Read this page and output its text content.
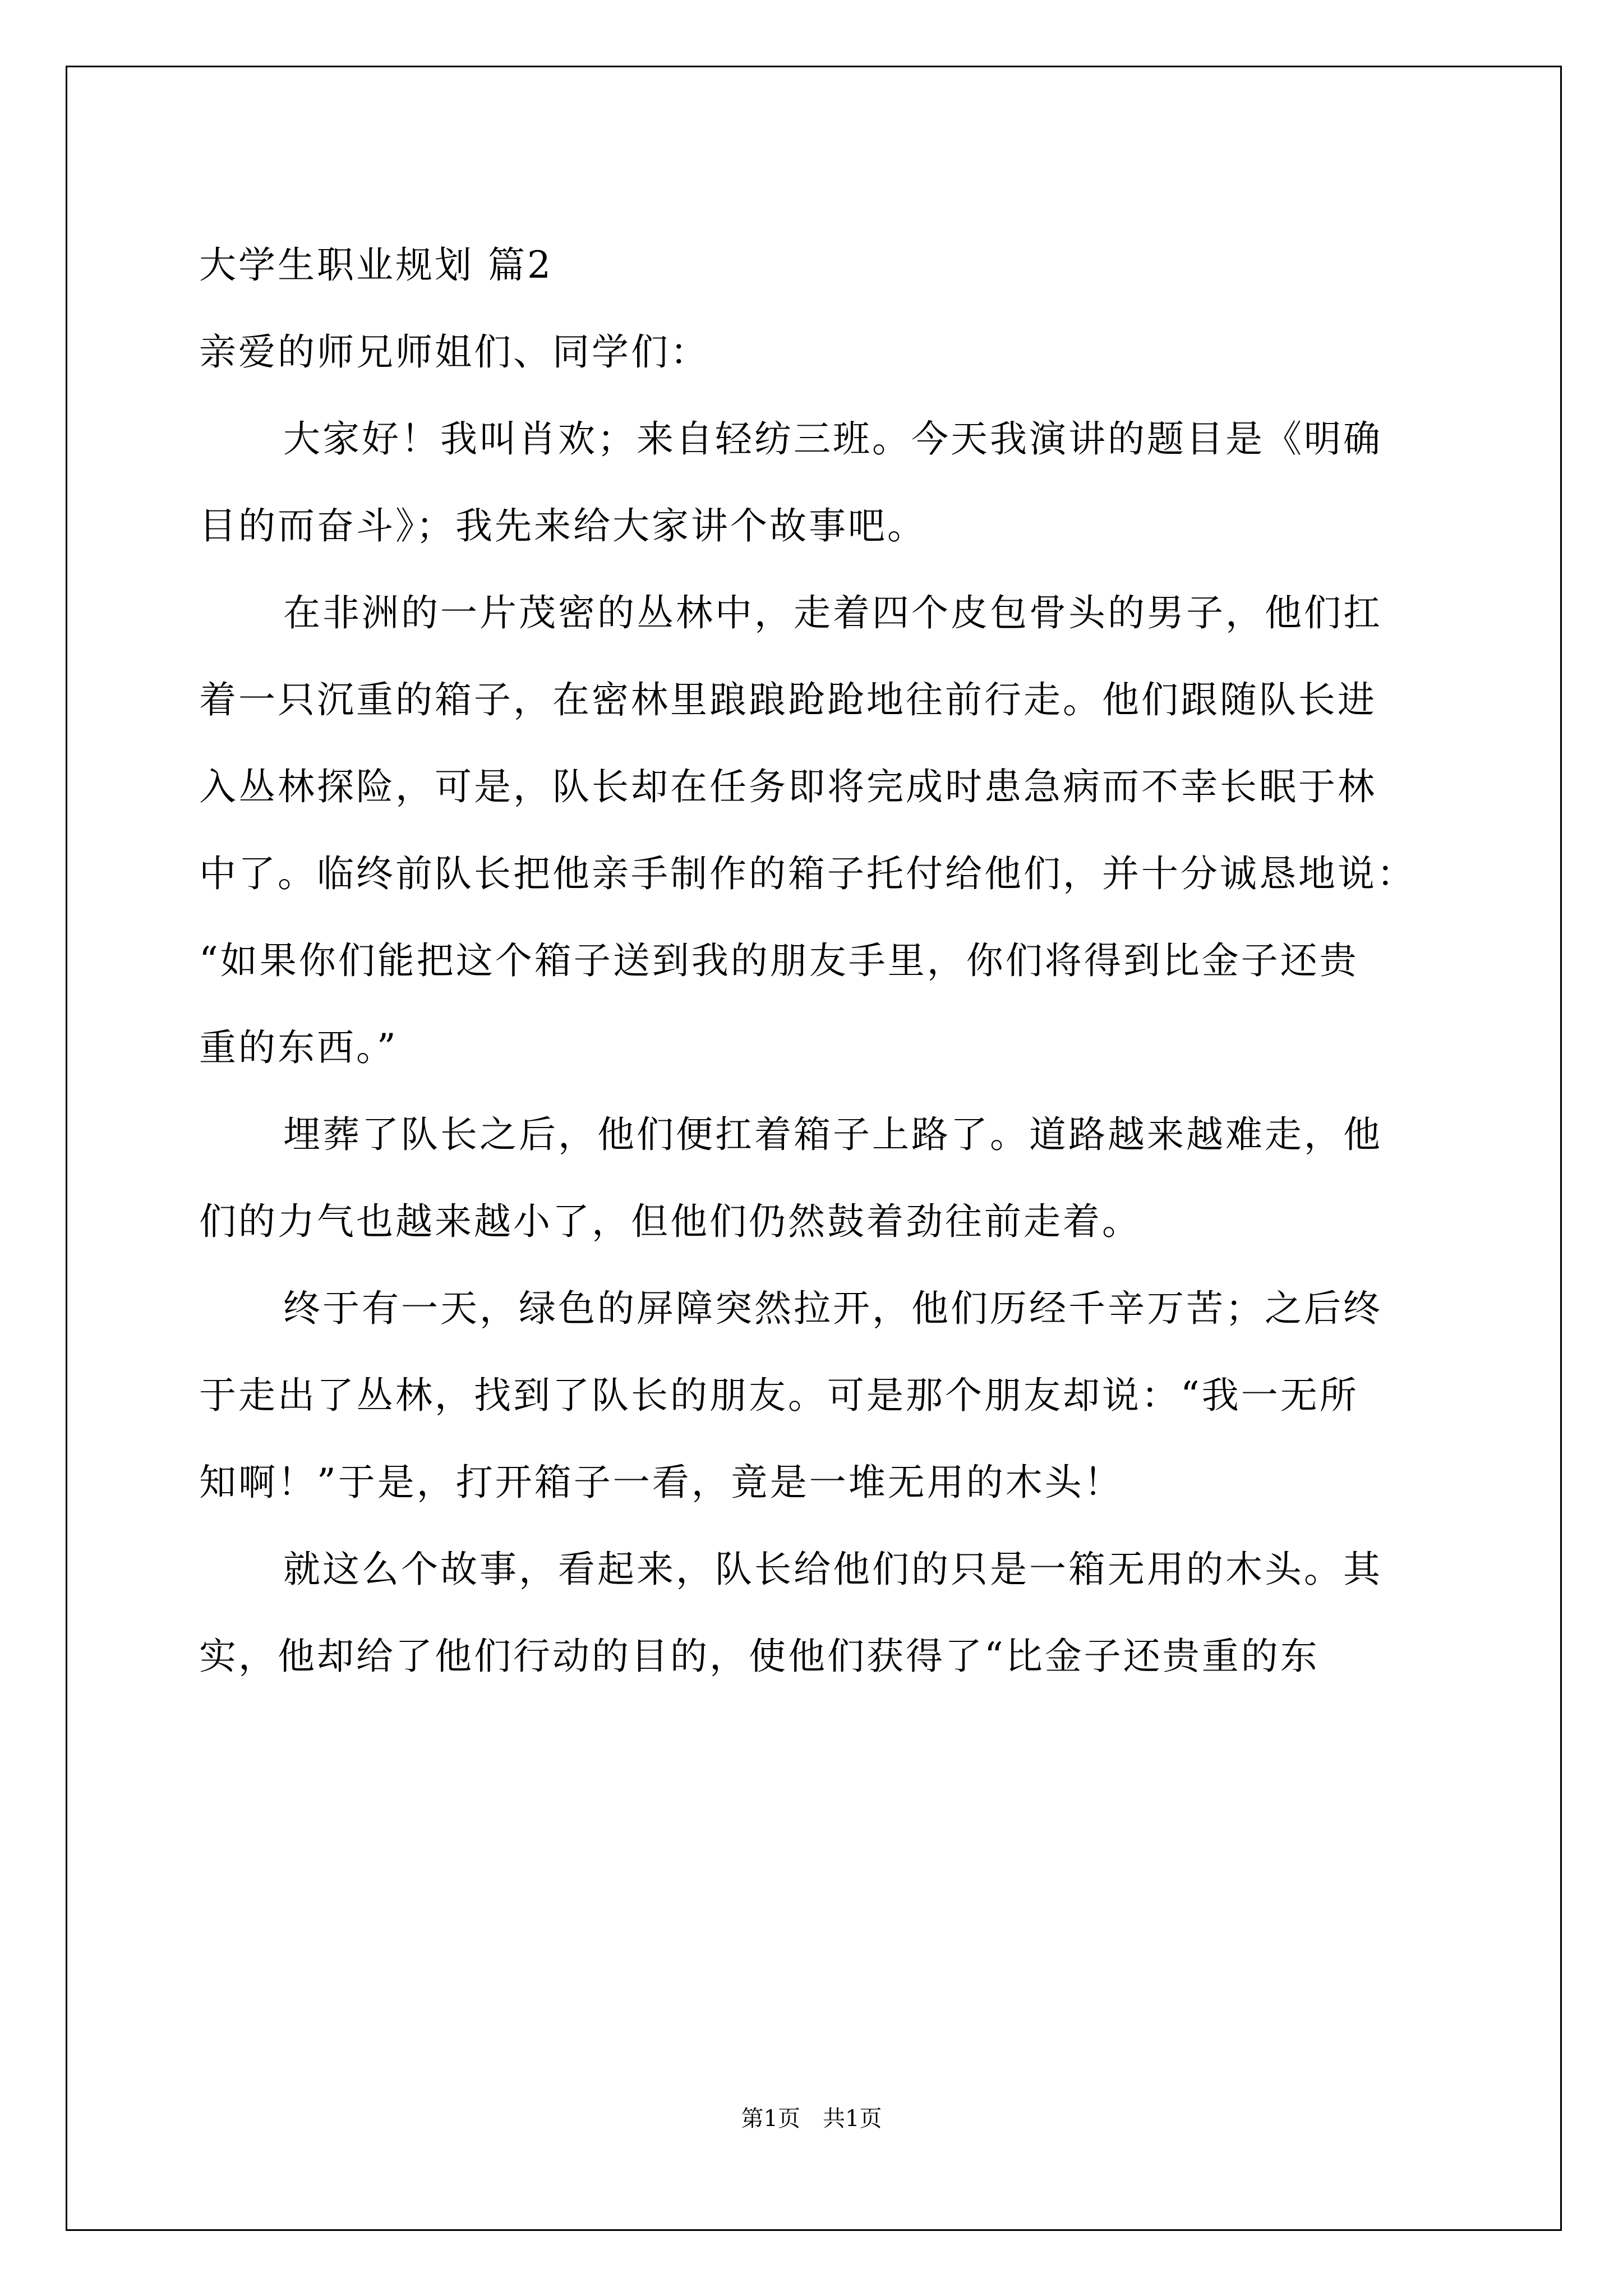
大学生职业规划 篇2

亲爱的师兄师姐们、同学们：

大家好！我叫肖欢；来自轻纺三班。今天我演讲的题目是《明确

目的而奋斗》；我先来给大家讲个故事吧。

在非洲的一片茂密的丛林中，走着四个皮包骨头的男子，他们扛

着一只沉重的箱子，在密林里踉踉跄跄地往前行走。他们跟随队长进

入丛林探险，可是，队长却在任务即将完成时患急病而不幸长眠于林

中了。临终前队长把他亲手制作的箱子托付给他们，并十分诚恳地说：

“如果你们能把这个箱子送到我的朋友手里，你们将得到比金子还贵

重的东西。”

埋葬了队长之后，他们便扛着箱子上路了。道路越来越难走，他

们的力气也越来越小了，但他们仍然鼓着劲往前走着。

终于有一天，绿色的屏障突然拉开，他们历经千辛万苦；之后终

于走出了丛林，找到了队长的朋友。可是那个朋友却说：“我一无所

知啊！”于是，打开箱子一看，竟是一堆无用的木头！

就这么个故事，看起来，队长给他们的只是一箱无用的木头。其

实，他却给了他们行动的目的，使他们获得了“比金子还贵重的东

第1页　共1页
